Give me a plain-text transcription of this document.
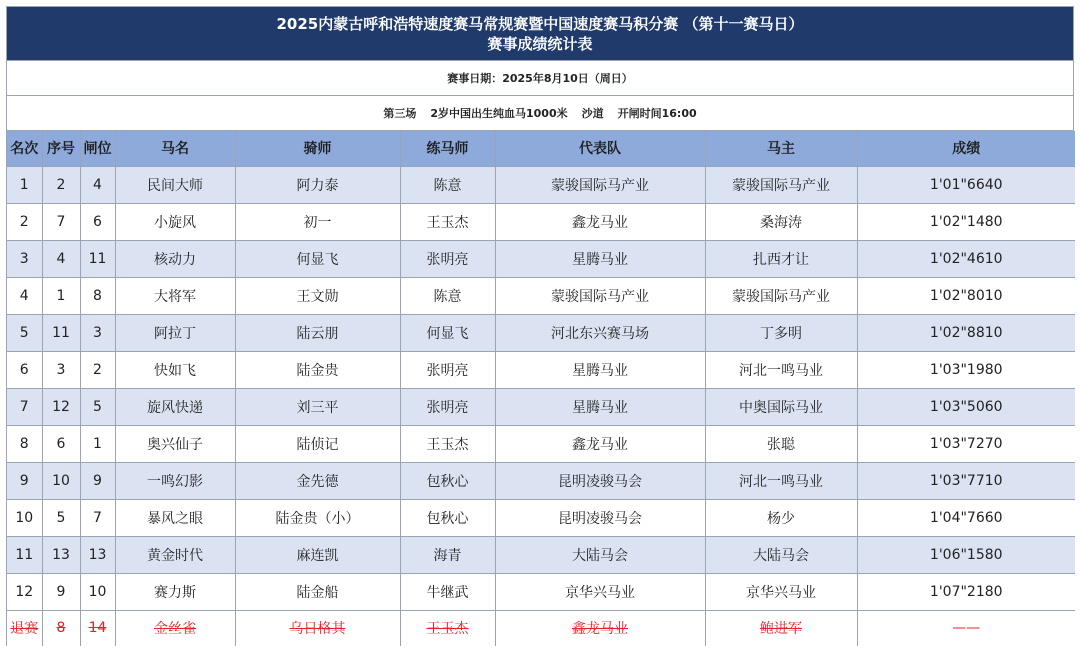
2025内蒙古呼和浩特速度赛马常规赛暨中国速度赛马积分赛 （第十一赛马日）
赛事成绩统计表
赛事日期：2025年8月10日（周日）
第三场 2岁中国出生纯血马1000米 沙道 开闸时间16:00
名次	序号	闸位	马名	骑师	练马师	代表队	马主	成绩
1	2	4	民间大师	阿力泰	陈意	蒙骏国际马产业	蒙骏国际马产业	1'01"6640
2	7	6	小旋风	初一	王玉杰	鑫龙马业	桑海涛	1'02"1480
3	4	11	核动力	何显飞	张明亮	星腾马业	扎西才让	1'02"4610
4	1	8	大将军	王文勋	陈意	蒙骏国际马产业	蒙骏国际马产业	1'02"8010
5	11	3	阿拉丁	陆云朋	何显飞	河北东兴赛马场	丁多明	1'02"8810
6	3	2	快如飞	陆金贵	张明亮	星腾马业	河北一鸣马业	1'03"1980
7	12	5	旋风快递	刘三平	张明亮	星腾马业	中奥国际马业	1'03"5060
8	6	1	奥兴仙子	陆侦记	王玉杰	鑫龙马业	张聪	1'03"7270
9	10	9	一鸣幻影	金先德	包秋心	昆明凌骏马会	河北一鸣马业	1'03"7710
10	5	7	暴风之眼	陆金贵（小）	包秋心	昆明凌骏马会	杨少	1'04"7660
11	13	13	黄金时代	麻连凯	海青	大陆马会	大陆马会	1'06"1580
12	9	10	赛力斯	陆金船	牛继武	京华兴马业	京华兴马业	1'07"2180
退赛	8	14	金丝雀	乌日格其	王玉杰	鑫龙马业	鲍进军	——
